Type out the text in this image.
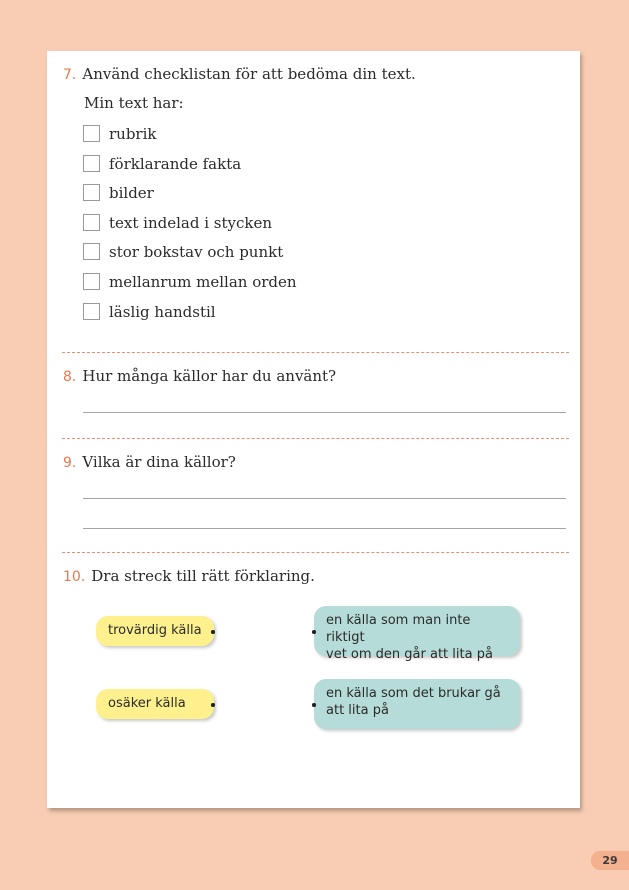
7. Använd checklistan för att bedöma din text.
Min text har:
rubrik
förklarande fakta
bilder
text indelad i stycken
stor bokstav och punkt
mellanrum mellan orden
läslig handstil
8. Hur många källor har du använt?
9. Vilka är dina källor?
10. Dra streck till rätt förklaring.
trovärdig källa
en källa som man inte riktigt
vet om den går att lita på
osäker källa
en källa som det brukar gå
att lita på
29
